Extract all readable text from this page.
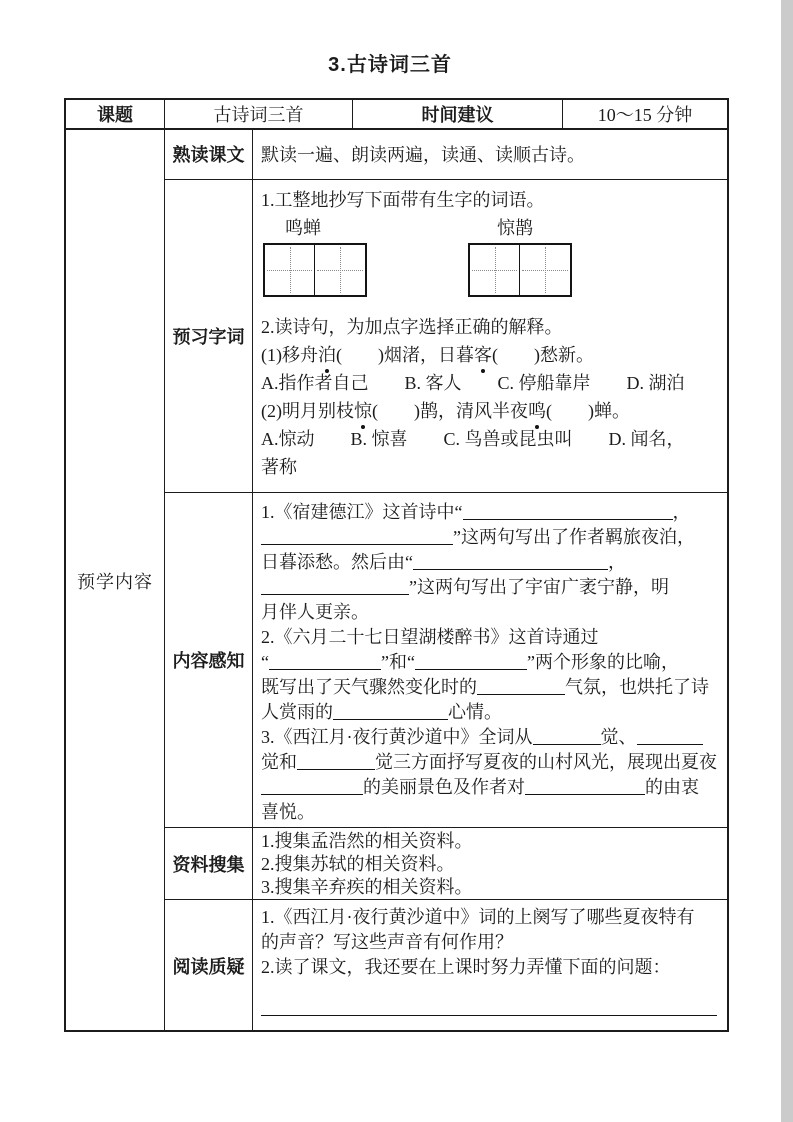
3.古诗词三首
课题	古诗词三首	时间建议	10～15 分钟
预学内容
熟读课文 默读一遍、朗读两遍，读通、读顺古诗。
预习字词
1.工整地抄写下面带有生字的词语。
鸣蝉	惊鹊
2.读诗句，为加点字选择正确的解释。
(1)移舟泊(　　)烟渚，日暮客(　　)愁新。
A.指作者自己　　B. 客人　　C. 停船靠岸　　D. 湖泊
(2)明月别枝惊(　　)鹊，清风半夜鸣(　　)蝉。
A.惊动　　B. 惊喜　　C. 鸟兽或昆虫叫　　D. 闻名，
著称
内容感知
1.《宿建德江》这首诗中“	，
”这两句写出了作者羁旅夜泊，
日暮添愁。然后由“	，
”这两句写出了宇宙广袤宁静，明
月伴人更亲。
2.《六月二十七日望湖楼醉书》这首诗通过
“	”和“	”两个形象的比喻，
既写出了天气骤然变化时的	气氛，也烘托了诗
人赏雨的	心情。
3.《西江月·夜行黄沙道中》全词从	觉、
觉和	觉三方面抒写夏夜的山村风光，展现出夏夜
的美丽景色及作者对	的由衷
喜悦。
资料搜集
1.搜集孟浩然的相关资料。
2.搜集苏轼的相关资料。
3.搜集辛弃疾的相关资料。
阅读质疑
1.《西江月·夜行黄沙道中》词的上阕写了哪些夏夜特有
的声音？写这些声音有何作用？
2.读了课文，我还要在上课时努力弄懂下面的问题：
